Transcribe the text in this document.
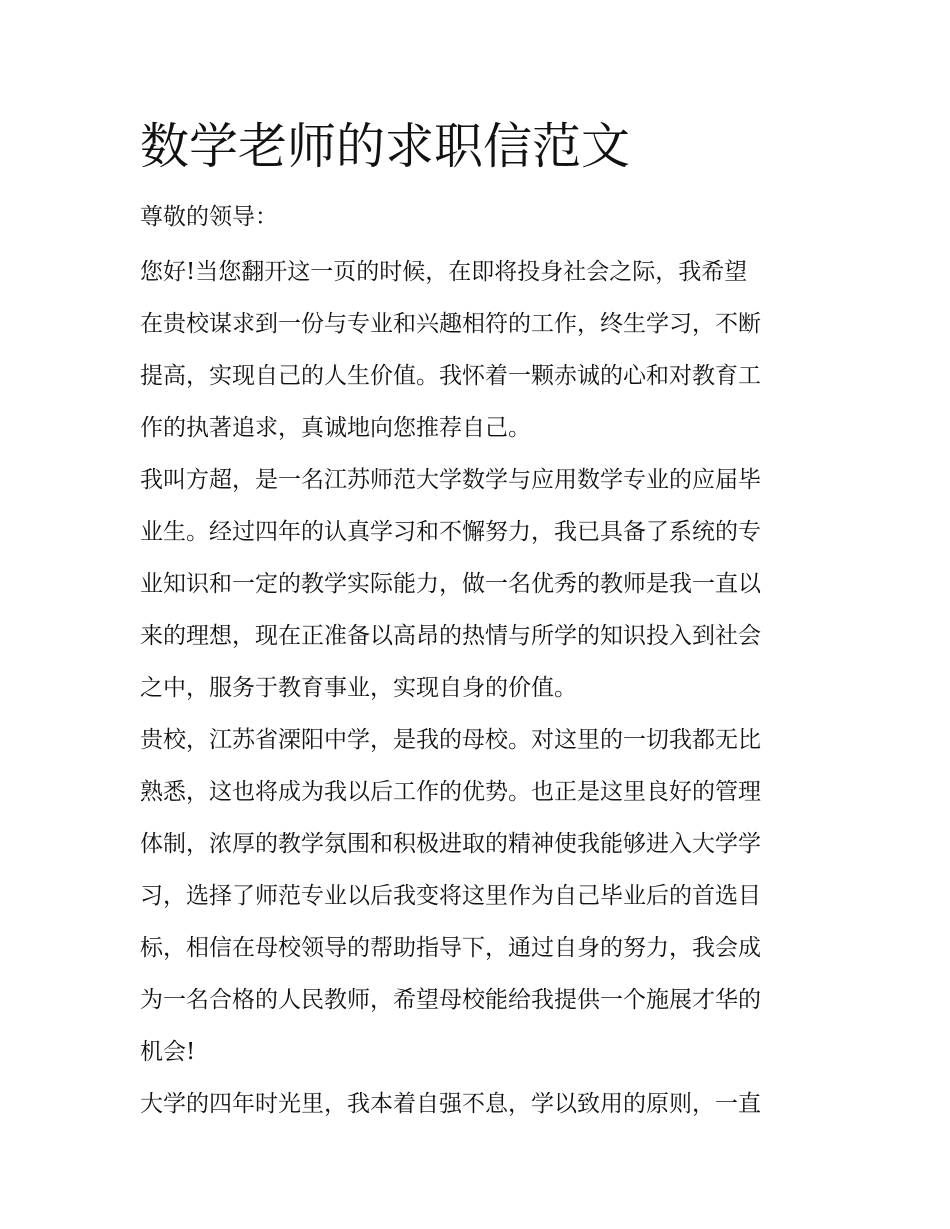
数学老师的求职信范文

尊敬的领导：

您好!当您翻开这一页的时候，在即将投身社会之际，我希望
在贵校谋求到一份与专业和兴趣相符的工作，终生学习，不断
提高，实现自己的人生价值。我怀着一颗赤诚的心和对教育工
作的执著追求，真诚地向您推荐自己。

我叫方超，是一名江苏师范大学数学与应用数学专业的应届毕
业生。经过四年的认真学习和不懈努力，我已具备了系统的专
业知识和一定的教学实际能力，做一名优秀的教师是我一直以
来的理想，现在正准备以高昂的热情与所学的知识投入到社会
之中，服务于教育事业，实现自身的价值。

贵校，江苏省溧阳中学，是我的母校。对这里的一切我都无比
熟悉，这也将成为我以后工作的优势。也正是这里良好的管理
体制，浓厚的教学氛围和积极进取的精神使我能够进入大学学
习，选择了师范专业以后我变将这里作为自己毕业后的首选目
标，相信在母校领导的帮助指导下，通过自身的努力，我会成
为一名合格的人民教师，希望母校能给我提供一个施展才华的
机会!

大学的四年时光里，我本着自强不息，学以致用的原则，一直
